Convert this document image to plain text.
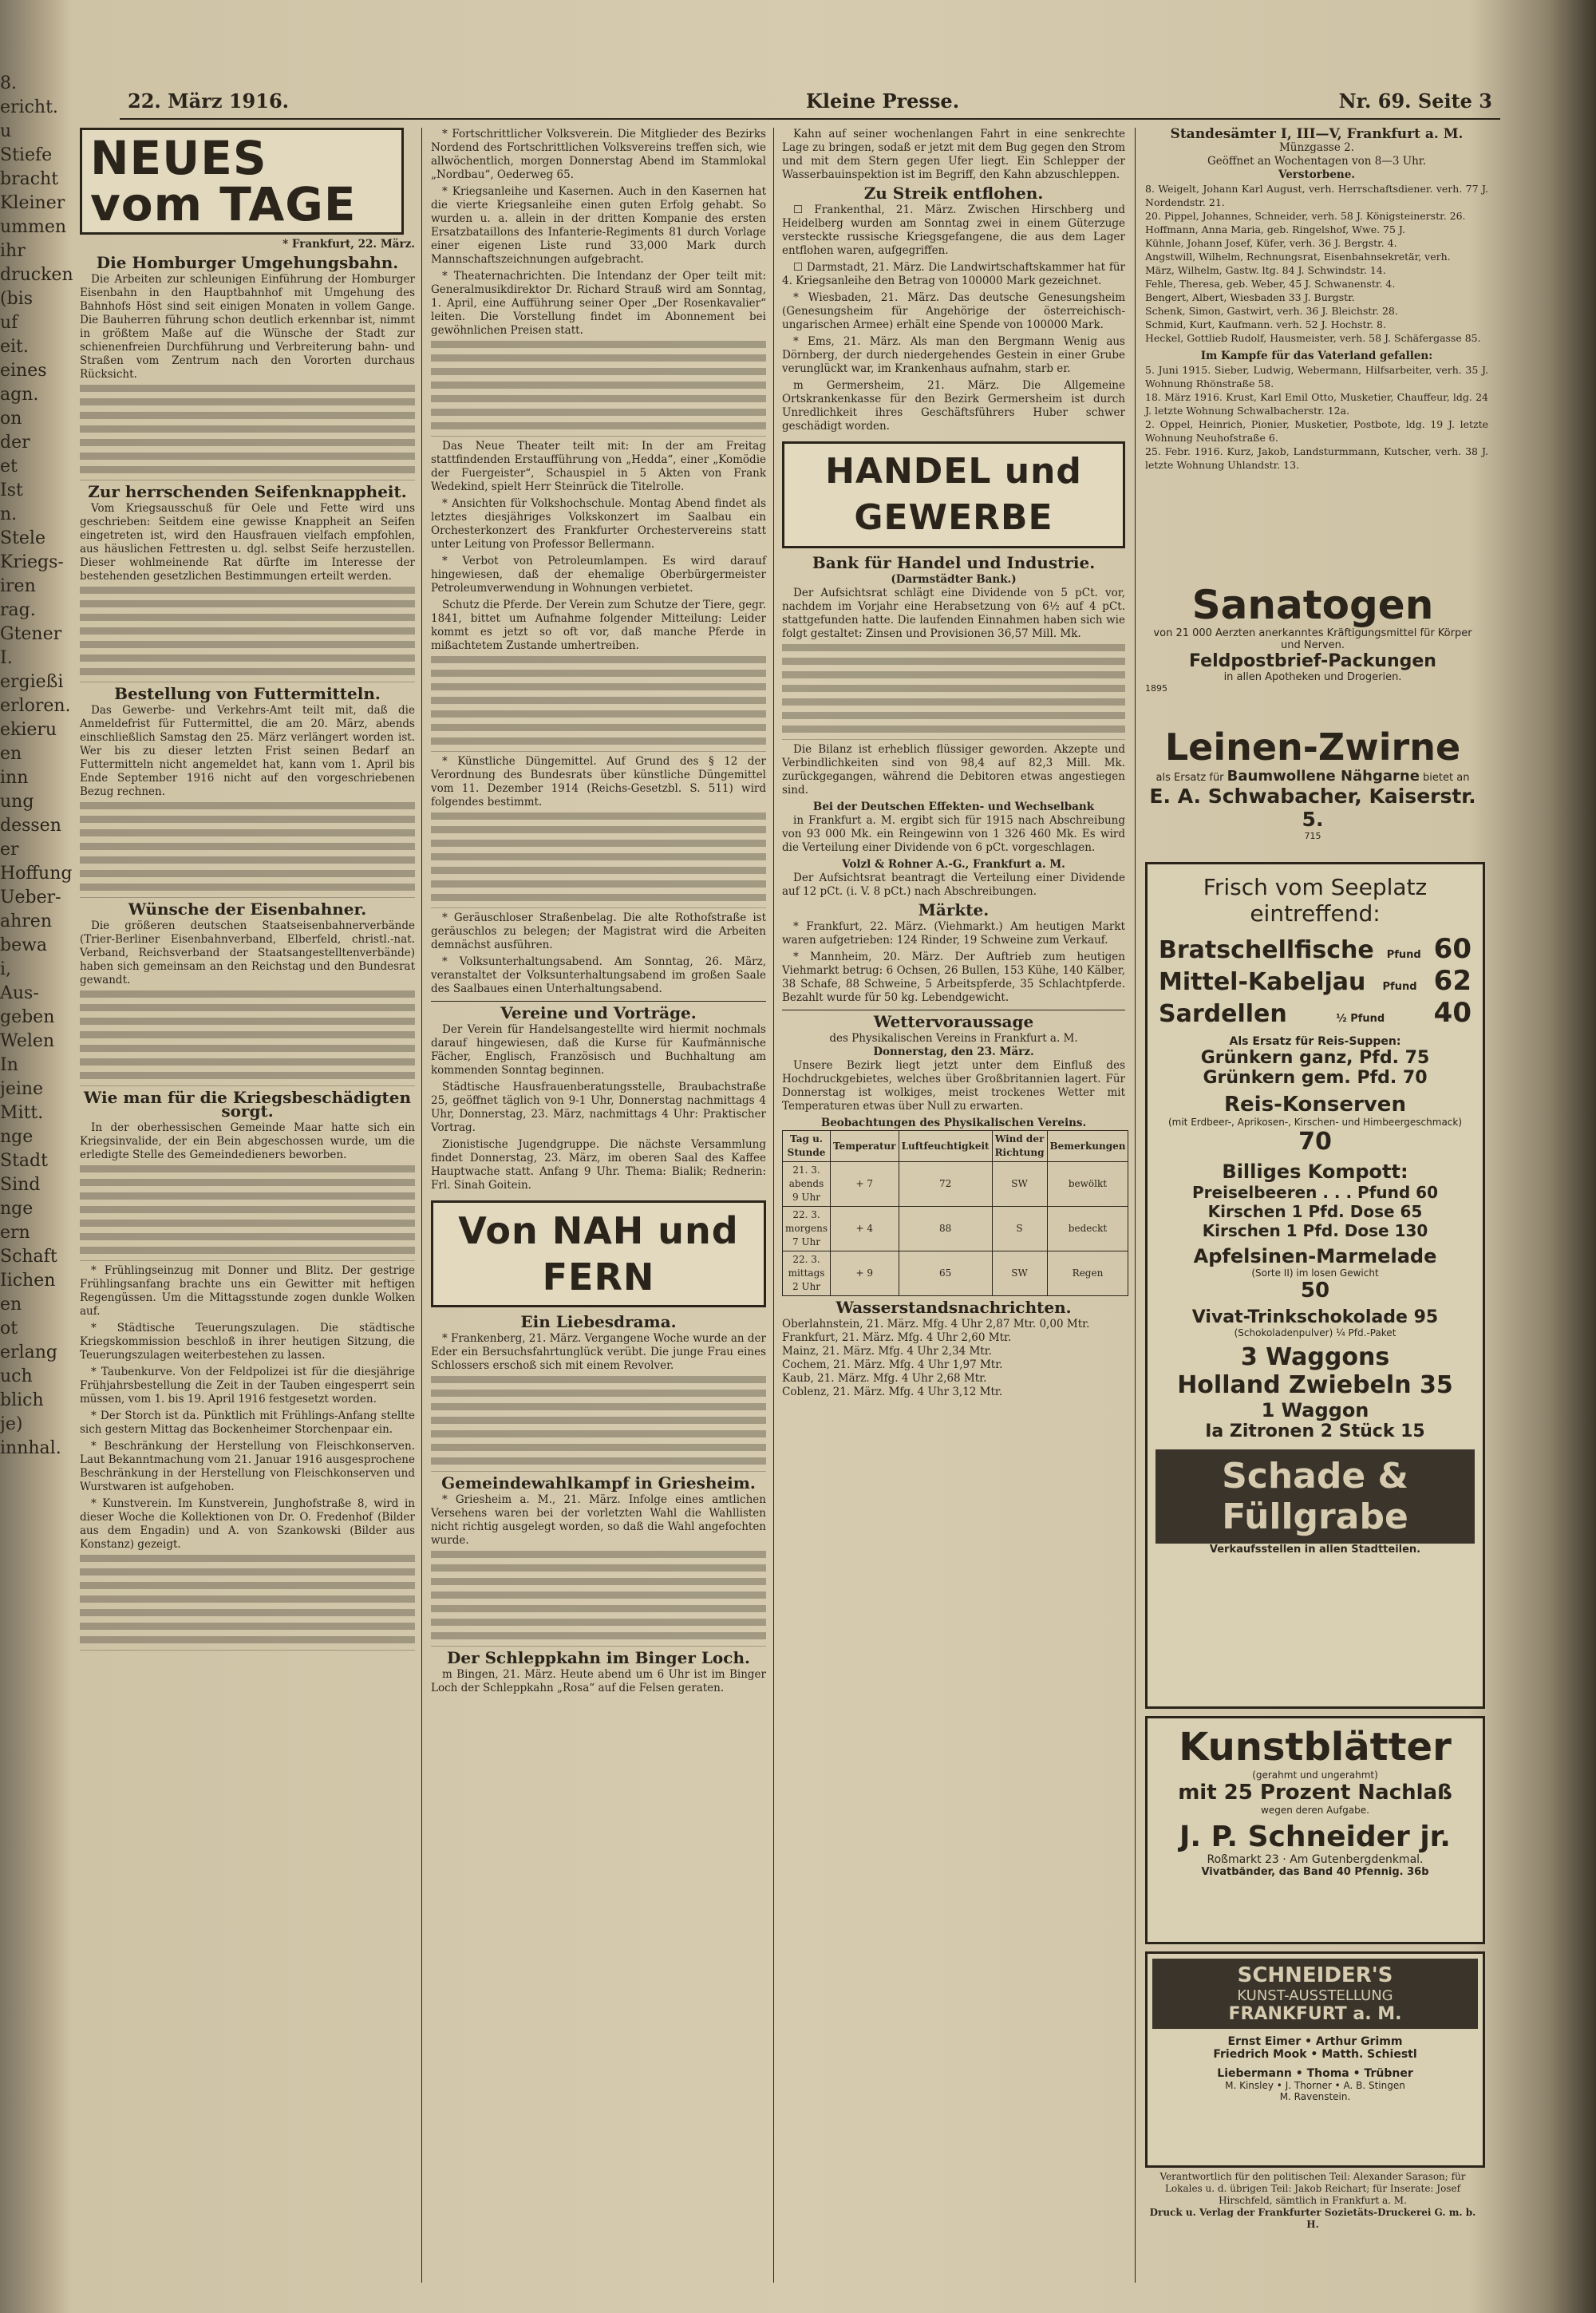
8.
ericht.
u
Stiefe
bracht
Kleiner
ummen
ihr
drucken
(bis
uf
eit.
eines
agn.
on
der
et
Ist
n.
Stele
Kriegs-
iren
rag.
Gtener
I.
ergießi
erloren.
ekieru
en
inn
ung
dessen
er
Hoffung
Ueber-
ahren
bewa
i,
Aus-
geben
Welen
In
jeine
Mitt.
nge
Stadt
Sind
nge
ern
Schaft
Iichen
en
ot
erlang
uch
blich
je)
innhal.
22. März 1916.	Kleine Presse.	Nr. 69. Seite 3
NEUES vom TAGE
* Frankfurt, 22. März.
Die Homburger Umgehungsbahn.

Die Arbeiten zur schleunigen Einführung der Homburger Eisenbahn in den Hauptbahnhof mit Umgehung des Bahnhofs Höst sind seit einigen Monaten in vollem Gange. Die Bauherren führung schon deutlich erkennbar ist, nimmt in größtem Maße auf die Wünsche der Stadt zur schienenfreien Durchführung und Verbreiterung bahn- und Straßen vom Zentrum nach den Vororten durchaus Rücksicht.

Zur herrschenden Seifenknappheit.

Vom Kriegsausschuß für Oele und Fette wird uns geschrieben: Seitdem eine gewisse Knappheit an Seifen eingetreten ist, wird den Hausfrauen vielfach empfohlen, aus häuslichen Fettresten u. dgl. selbst Seife herzustellen. Dieser wohlmeinende Rat dürfte im Interesse der bestehenden gesetzlichen Bestimmungen erteilt werden.

Bestellung von Futtermitteln.

Das Gewerbe- und Verkehrs-Amt teilt mit, daß die Anmeldefrist für Futtermittel, die am 20. März, abends einschließlich Samstag den 25. März verlängert worden ist. Wer bis zu dieser letzten Frist seinen Bedarf an Futtermitteln nicht angemeldet hat, kann vom 1. April bis Ende September 1916 nicht auf den vorgeschriebenen Bezug rechnen.

Wünsche der Eisenbahner.

Die größeren deutschen Staatseisenbahnerverbände (Trier-Berliner Eisenbahnverband, Elberfeld, christl.-nat. Verband, Reichsverband der Staatsangestelltenverbände) haben sich gemeinsam an den Reichstag und den Bundesrat gewandt.

Wie man für die Kriegsbeschädigten sorgt.

In der oberhessischen Gemeinde Maar hatte sich ein Kriegsinvalide, der ein Bein abgeschossen wurde, um die erledigte Stelle des Gemeindedieners beworben.

* Frühlingseinzug mit Donner und Blitz. Der gestrige Frühlingsanfang brachte uns ein Gewitter mit heftigen Regengüssen. Um die Mittagsstunde zogen dunkle Wolken auf.

* Städtische Teuerungszulagen. Die städtische Kriegskommission beschloß in ihrer heutigen Sitzung, die Teuerungszulagen weiterbestehen zu lassen.

* Taubenkurve. Von der Feldpolizei ist für die diesjährige Frühjahrsbestellung die Zeit in der Tauben eingesperrt sein müssen, vom 1. bis 19. April 1916 festgesetzt worden.

* Der Storch ist da. Pünktlich mit Frühlings-Anfang stellte sich gestern Mittag das Bockenheimer Storchenpaar ein.

* Beschränkung der Herstellung von Fleischkonserven. Laut Bekanntmachung vom 21. Januar 1916 ausgesprochene Beschränkung in der Herstellung von Fleischkonserven und Wurstwaren ist aufgehoben.

* Kunstverein. Im Kunstverein, Junghofstraße 8, wird in dieser Woche die Kollektionen von Dr. O. Fredenhof (Bilder aus dem Engadin) und A. von Szankowski (Bilder aus Konstanz) gezeigt.

* Fortschrittlicher Volksverein. Die Mitglieder des Bezirks Nordend des Fortschrittlichen Volksvereins treffen sich, wie allwöchentlich, morgen Donnerstag Abend im Stammlokal „Nordbau“, Oederweg 65.

* Kriegsanleihe und Kasernen. Auch in den Kasernen hat die vierte Kriegsanleihe einen guten Erfolg gehabt. So wurden u. a. allein in der dritten Kompanie des ersten Ersatzbataillons des Infanterie-Regiments 81 durch Vorlage einer eigenen Liste rund 33,000 Mark durch Mannschaftszeichnungen aufgebracht.

* Theaternachrichten. Die Intendanz der Oper teilt mit: Generalmusikdirektor Dr. Richard Strauß wird am Sonntag, 1. April, eine Aufführung seiner Oper „Der Rosenkavalier“ leiten. Die Vorstellung findet im Abonnement bei gewöhnlichen Preisen statt.

Das Neue Theater teilt mit: In der am Freitag stattfindenden Erstaufführung von „Hedda“, einer „Komödie der Fuergeister“, Schauspiel in 5 Akten von Frank Wedekind, spielt Herr Steinrück die Titelrolle.

* Ansichten für Volkshochschule. Montag Abend findet als letztes diesjähriges Volkskonzert im Saalbau ein Orchesterkonzert des Frankfurter Orchestervereins statt unter Leitung von Professor Bellermann.

* Verbot von Petroleumlampen. Es wird darauf hingewiesen, daß der ehemalige Oberbürgermeister Petroleumverwendung in Wohnungen verbietet.

Schutz die Pferde. Der Verein zum Schutze der Tiere, gegr. 1841, bittet um Aufnahme folgender Mitteilung: Leider kommt es jetzt so oft vor, daß manche Pferde in mißachtetem Zustande umhertreiben.

* Künstliche Düngemittel. Auf Grund des § 12 der Verordnung des Bundesrats über künstliche Düngemittel vom 11. Dezember 1914 (Reichs-Gesetzbl. S. 511) wird folgendes bestimmt.

* Geräuschloser Straßenbelag. Die alte Rothofstraße ist geräuschlos zu belegen; der Magistrat wird die Arbeiten demnächst ausführen.

* Volksunterhaltungsabend. Am Sonntag, 26. März, veranstaltet der Volksunterhaltungsabend im großen Saale des Saalbaues einen Unterhaltungsabend.

Vereine und Vorträge.

Der Verein für Handelsangestellte wird hiermit nochmals darauf hingewiesen, daß die Kurse für Kaufmännische Fächer, Englisch, Französisch und Buchhaltung am kommenden Sonntag beginnen.

Städtische Hausfrauenberatungsstelle, Braubachstraße 25, geöffnet täglich von 9-1 Uhr, Donnerstag nachmittags 4 Uhr, Donnerstag, 23. März, nachmittags 4 Uhr: Praktischer Vortrag.

Zionistische Jugendgruppe. Die nächste Versammlung findet Donnerstag, 23. März, im oberen Saal des Kaffee Hauptwache statt. Anfang 9 Uhr. Thema: Bialik; Rednerin: Frl. Sinah Goitein.

Von NAH und FERN
Ein Liebesdrama.

* Frankenberg, 21. März. Vergangene Woche wurde an der Eder ein Bersuchsfahrtunglück verübt. Die junge Frau eines Schlossers erschoß sich mit einem Revolver.

Gemeindewahlkampf in Griesheim.

* Griesheim a. M., 21. März. Infolge eines amtlichen Versehens waren bei der vorletzten Wahl die Wahllisten nicht richtig ausgelegt worden, so daß die Wahl angefochten wurde.

Der Schleppkahn im Binger Loch.

m Bingen, 21. März. Heute abend um 6 Uhr ist im Binger Loch der Schleppkahn „Rosa“ auf die Felsen geraten.

Kahn auf seiner wochenlangen Fahrt in eine senkrechte Lage zu bringen, sodaß er jetzt mit dem Bug gegen den Strom und mit dem Stern gegen Ufer liegt. Ein Schlepper der Wasserbauinspektion ist im Begriff, den Kahn abzuschleppen.

Zu Streik entflohen.

☐ Frankenthal, 21. März. Zwischen Hirschberg und Heidelberg wurden am Sonntag zwei in einem Güterzuge versteckte russische Kriegsgefangene, die aus dem Lager entflohen waren, aufgegriffen.

☐ Darmstadt, 21. März. Die Landwirtschaftskammer hat für 4. Kriegsanleihe den Betrag von 100000 Mark gezeichnet.

* Wiesbaden, 21. März. Das deutsche Genesungsheim (Genesungsheim für Angehörige der österreichisch-ungarischen Armee) erhält eine Spende von 100000 Mark.

* Ems, 21. März. Als man den Bergmann Wenig aus Dörnberg, der durch niedergehendes Gestein in einer Grube verunglückt war, im Krankenhaus aufnahm, starb er.

m Germersheim, 21. März. Die Allgemeine Ortskrankenkasse für den Bezirk Germersheim ist durch Unredlichkeit ihres Geschäftsführers Huber schwer geschädigt worden.

HANDEL und GEWERBE
Bank für Handel und Industrie.
(Darmstädter Bank.)

Der Aufsichtsrat schlägt eine Dividende von 5 pCt. vor, nachdem im Vorjahr eine Herabsetzung von 6½ auf 4 pCt. stattgefunden hatte. Die laufenden Einnahmen haben sich wie folgt gestaltet: Zinsen und Provisionen 36,57 Mill. Mk.

Die Bilanz ist erheblich flüssiger geworden. Akzepte und Verbindlichkeiten sind von 98,4 auf 82,3 Mill. Mk. zurückgegangen, während die Debitoren etwas angestiegen sind.

Bei der Deutschen Effekten- und Wechselbank

in Frankfurt a. M. ergibt sich für 1915 nach Abschreibung von 93 000 Mk. ein Reingewinn von 1 326 460 Mk. Es wird die Verteilung einer Dividende von 6 pCt. vorgeschlagen.

Volzl & Rohner A.-G., Frankfurt a. M.

Der Aufsichtsrat beantragt die Verteilung einer Dividende auf 12 pCt. (i. V. 8 pCt.) nach Abschreibungen.

Märkte.

* Frankfurt, 22. März. (Viehmarkt.) Am heutigen Markt waren aufgetrieben: 124 Rinder, 19 Schweine zum Verkauf.

* Mannheim, 20. März. Der Auftrieb zum heutigen Viehmarkt betrug: 6 Ochsen, 26 Bullen, 153 Kühe, 140 Kälber, 38 Schafe, 88 Schweine, 5 Arbeitspferde, 35 Schlachtpferde. Bezahlt wurde für 50 kg. Lebendgewicht.

Wettervoraussage
des Physikalischen Vereins in Frankfurt a. M.
Donnerstag, den 23. März.

Unsere Bezirk liegt jetzt unter dem Einfluß des Hochdruckgebietes, welches über Großbritannien lagert. Für Donnerstag ist wolkiges, meist trockenes Wetter mit Temperaturen etwas über Null zu erwarten.

Beobachtungen des Physikalischen Vereins.
Tag u. Stunde	Temperatur	Luftfeuchtigkeit	Wind der Richtung	Bemerkungen
21. 3. abends 9 Uhr	+ 7	72	SW	bewölkt
22. 3. morgens 7 Uhr	+ 4	88	S	bedeckt
22. 3. mittags 2 Uhr	+ 9	65	SW	Regen
Wasserstandsnachrichten.
Oberlahnstein, 21. März. Mfg. 4 Uhr 2,87 Mtr. 0,00 Mtr.
Frankfurt, 21. März. Mfg. 4 Uhr 2,60 Mtr.
Mainz, 21. März. Mfg. 4 Uhr 2,34 Mtr.
Cochem, 21. März. Mfg. 4 Uhr 1,97 Mtr.
Kaub, 21. März. Mfg. 4 Uhr 2,68 Mtr.
Coblenz, 21. März. Mfg. 4 Uhr 3,12 Mtr.
Standesämter I, III—V, Frankfurt a. M.
Münzgasse 2.
Geöffnet an Wochentagen von 8—3 Uhr.
Verstorbene.
8. Weigelt, Johann Karl August, verh. Herrschaftsdiener. verh. 77 J. Nordendstr. 21.
20. Pippel, Johannes, Schneider, verh. 58 J. Königsteinerstr. 26.
Hoffmann, Anna Maria, geb. Ringelshof, Wwe. 75 J.
Kühnle, Johann Josef, Küfer, verh. 36 J. Bergstr. 4.
Angstwill, Wilhelm, Rechnungsrat, Eisenbahnsekretär, verh.
März, Wilhelm, Gastw. ltg. 84 J. Schwindstr. 14.
Fehle, Theresa, geb. Weber, 45 J. Schwanenstr. 4.
Bengert, Albert, Wiesbaden 33 J. Burgstr.
Schenk, Simon, Gastwirt, verh. 36 J. Bleichstr. 28.
Schmid, Kurt, Kaufmann. verh. 52 J. Hochstr. 8.
Heckel, Gottlieb Rudolf, Hausmeister, verh. 58 J. Schäfergasse 85.
Im Kampfe für das Vaterland gefallen:
5. Juni 1915. Sieber, Ludwig, Webermann, Hilfsarbeiter, verh. 35 J. Wohnung Rhönstraße 58.
18. März 1916. Krust, Karl Emil Otto, Musketier, Chauffeur, ldg. 24 J. letzte Wohnung Schwalbacherstr. 12a.
2. Oppel, Heinrich, Pionier, Musketier, Postbote, ldg. 19 J. letzte Wohnung Neuhofstraße 6.
25. Febr. 1916. Kurz, Jakob, Landsturmmann, Kutscher, verh. 38 J. letzte Wohnung Uhlandstr. 13.
Sanatogen
von 21 000 Aerzten anerkanntes Kräftigungsmittel für Körper und Nerven.
Feldpostbrief-Packungen
in allen Apotheken und Drogerien.
1895
Leinen-Zwirne
als Ersatz für Baumwollene Nähgarne bietet an
E. A. Schwabacher, Kaiserstr. 5.
715
Frisch vom Seeplatz eintreffend:
Bratschellfische Pfund 60
Mittel-Kabeljau Pfund 62
Sardellen	½ Pfund 40
Als Ersatz für Reis-Suppen:
Grünkern ganz, Pfd. 75
Grünkern gem. Pfd. 70
Reis-Konserven
(mit Erdbeer-, Aprikosen-, Kirschen- und Himbeergeschmack)
70
Billiges Kompott:
Preiselbeeren . . . Pfund 60
Kirschen 1 Pfd. Dose 65
Kirschen 1 Pfd. Dose 130
Apfelsinen-Marmelade
(Sorte II) im losen Gewicht
50
Vivat-Trinkschokolade 95
(Schokoladenpulver) ¼ Pfd.-Paket
3 Waggons
Holland Zwiebeln 35
1 Waggon
Ia Zitronen 2 Stück 15
Schade & Füllgrabe
Verkaufsstellen in allen Stadtteilen.
Kunstblätter
(gerahmt und ungerahmt)
mit 25 Prozent Nachlaß
wegen deren Aufgabe.
J. P. Schneider jr.
Roßmarkt 23 · Am Gutenbergdenkmal.
Vivatbänder, das Band 40 Pfennig. 36b
SCHNEIDER'S
KUNST-AUSSTELLUNG
FRANKFURT a. M.
Ernst Eimer • Arthur Grimm
Friedrich Mook • Matth. Schiestl
Liebermann • Thoma • Trübner
M. Kinsley • J. Thorner • A. B. Stingen
M. Ravenstein.
Verantwortlich für den politischen Teil: Alexander Sarason; für Lokales u. d. übrigen Teil: Jakob Reichart; für Inserate: Josef Hirschfeld, sämtlich in Frankfurt a. M.
Druck u. Verlag der Frankfurter Sozietäts-Druckerei G. m. b. H.
